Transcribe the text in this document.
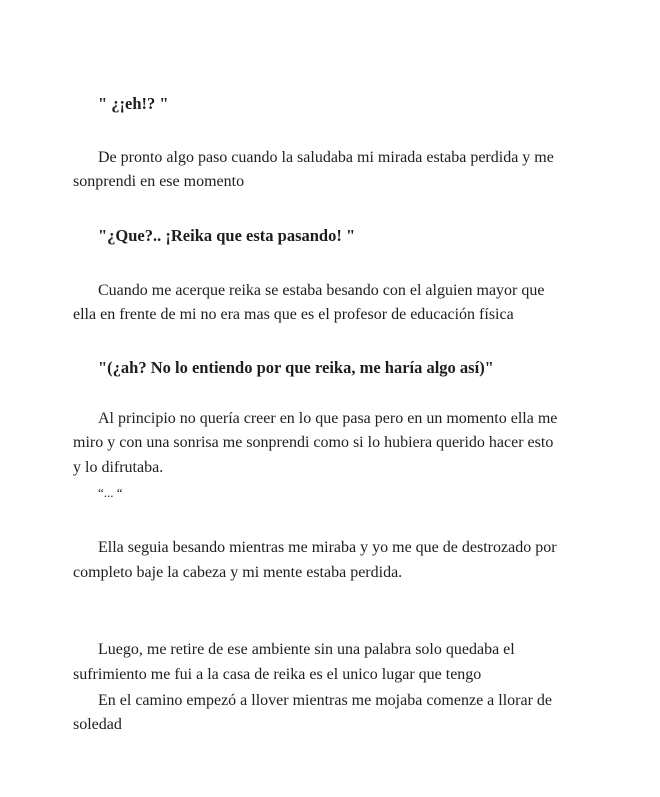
" ¿¡eh!? "
De pronto algo paso cuando la saludaba mi mirada estaba perdida y me
sonprendi en ese momento
"¿Que?.. ¡Reika que esta pasando! "
Cuando me acerque reika se estaba besando con el alguien mayor que
ella en frente de mi no era mas que es el profesor de educación física
"(¿ah? No lo entiendo por que reika, me haría algo así)"
Al principio no quería creer en lo que pasa pero en un momento ella me
miro y con una sonrisa me sonprendi como si lo hubiera querido hacer esto
y lo difrutaba.
“... “
Ella seguia besando mientras me miraba y yo me que de destrozado por
completo baje la cabeza y mi mente estaba perdida.
Luego, me retire de ese ambiente sin una palabra solo quedaba el
sufrimiento me fui a la casa de reika es el unico lugar que tengo
En el camino empezó a llover mientras me mojaba comenze a llorar de
soledad
